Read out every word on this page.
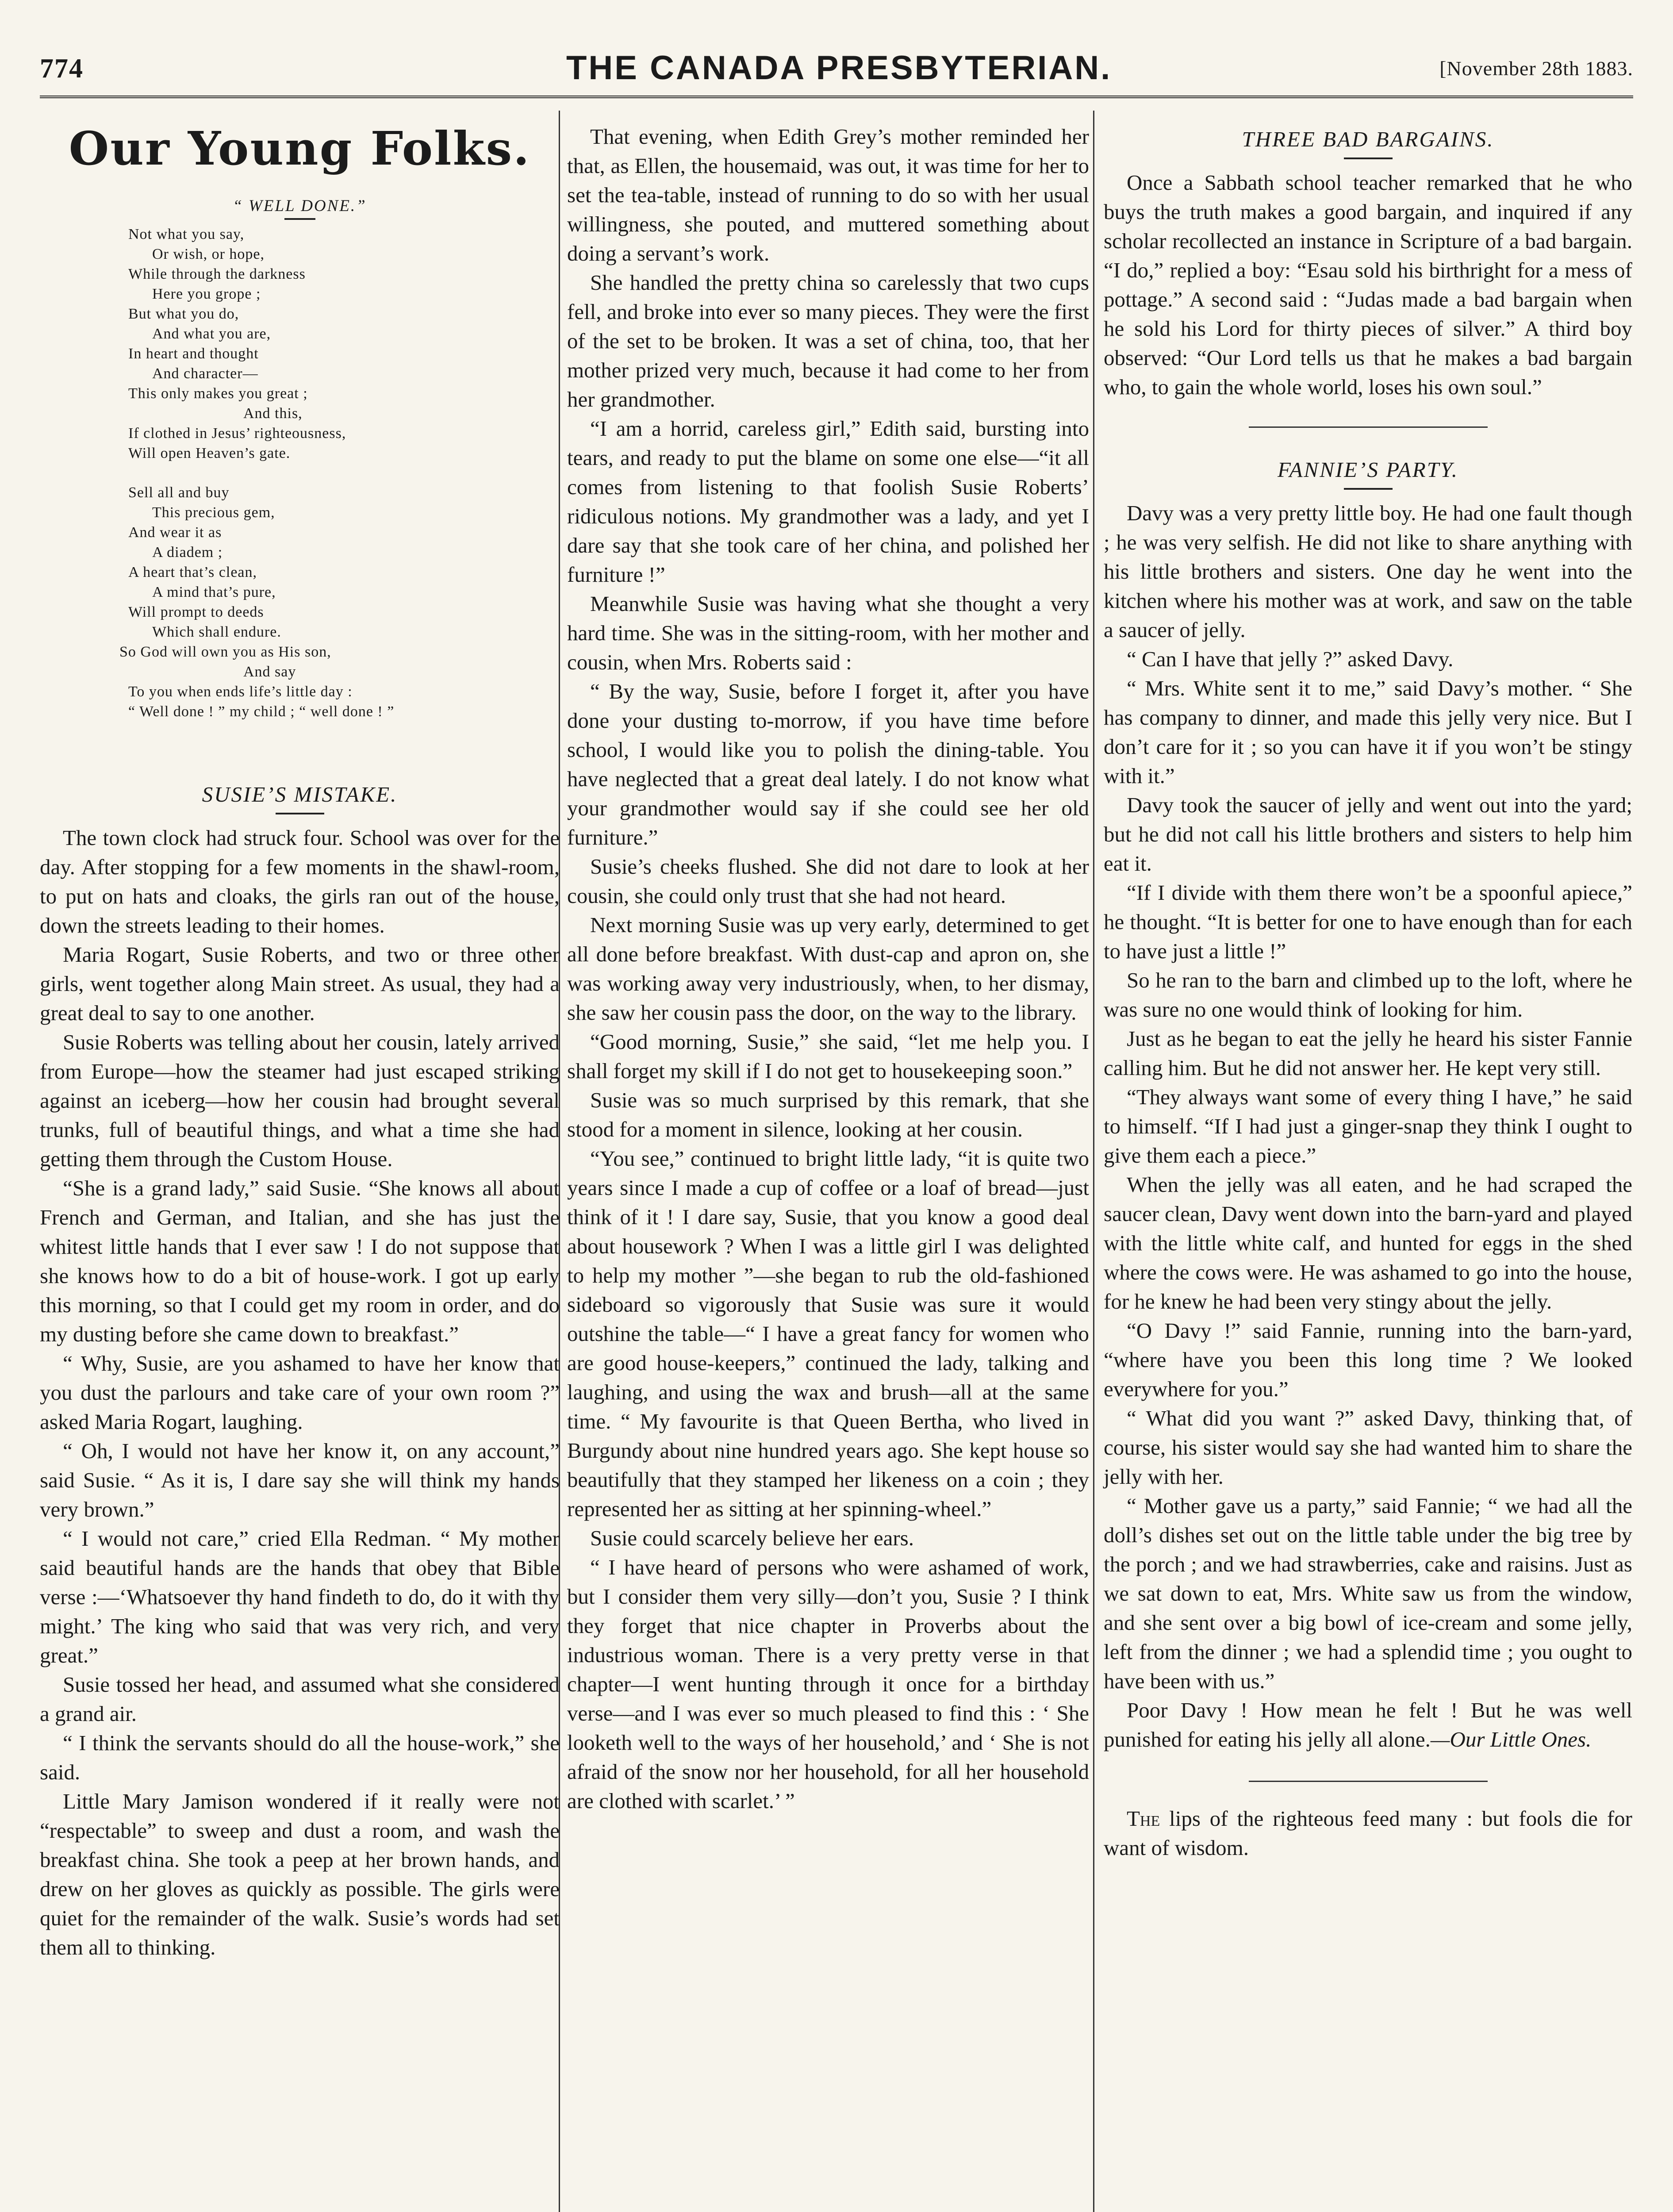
774	THE CANADA PRESBYTERIAN.	[November 28th 1883.
Our Young Folks.
“ WELL DONE.”
Not what you say,
Or wish, or hope,
While through the darkness
Here you grope ;
But what you do,
And what you are,
In heart and thought
And character—
This only makes you great ;
And this,
If clothed in Jesus’ righteousness,
Will open Heaven’s gate.
Sell all and buy
This precious gem,
And wear it as
A diadem ;
A heart that’s clean,
A mind that’s pure,
Will prompt to deeds
Which shall endure.
So God will own you as His son,
And say
To you when ends life’s little day :
“ Well done ! ” my child ; “ well done ! ”
SUSIE’S MISTAKE.

The town clock had struck four. School was over for the day. After stopping for a few moments in the shawl-room, to put on hats and cloaks, the girls ran out of the house, down the streets leading to their homes.

Maria Rogart, Susie Roberts, and two or three other girls, went together along Main street. As usual, they had a great deal to say to one another.

Susie Roberts was telling about her cousin, lately arrived from Europe—how the steamer had just escaped striking against an iceberg—how her cousin had brought several trunks, full of beautiful things, and what a time she had getting them through the Custom House.

“She is a grand lady,” said Susie. “She knows all about French and German, and Italian, and she has just the whitest little hands that I ever saw ! I do not suppose that she knows how to do a bit of house-work. I got up early this morning, so that I could get my room in order, and do my dusting before she came down to breakfast.”

“ Why, Susie, are you ashamed to have her know that you dust the parlours and take care of your own room ?” asked Maria Rogart, laughing.

“ Oh, I would not have her know it, on any account,” said Susie. “ As it is, I dare say she will think my hands very brown.”

“ I would not care,” cried Ella Redman. “ My mother said beautiful hands are the hands that obey that Bible verse :—‘Whatsoever thy hand findeth to do, do it with thy might.’ The king who said that was very rich, and very great.”

Susie tossed her head, and assumed what she considered a grand air.

“ I think the servants should do all the house-work,” she said.

Little Mary Jamison wondered if it really were not “respectable” to sweep and dust a room, and wash the breakfast china. She took a peep at her brown hands, and drew on her gloves as quickly as possible. The girls were quiet for the remainder of the walk. Susie’s words had set them all to thinking.

That evening, when Edith Grey’s mother reminded her that, as Ellen, the housemaid, was out, it was time for her to set the tea-table, instead of running to do so with her usual willingness, she pouted, and muttered something about doing a servant’s work.

She handled the pretty china so carelessly that two cups fell, and broke into ever so many pieces. They were the first of the set to be broken. It was a set of china, too, that her mother prized very much, because it had come to her from her grandmother.

“I am a horrid, careless girl,” Edith said, bursting into tears, and ready to put the blame on some one else—“it all comes from listening to that foolish Susie Roberts’ ridiculous notions. My grandmother was a lady, and yet I dare say that she took care of her china, and polished her furniture !”

Meanwhile Susie was having what she thought a very hard time. She was in the sitting-room, with her mother and cousin, when Mrs. Roberts said :

“ By the way, Susie, before I forget it, after you have done your dusting to-morrow, if you have time before school, I would like you to polish the dining-table. You have neglected that a great deal lately. I do not know what your grandmother would say if she could see her old furniture.”

Susie’s cheeks flushed. She did not dare to look at her cousin, she could only trust that she had not heard.

Next morning Susie was up very early, determined to get all done before breakfast. With dust-cap and apron on, she was working away very industriously, when, to her dismay, she saw her cousin pass the door, on the way to the library.

“Good morning, Susie,” she said, “let me help you. I shall forget my skill if I do not get to housekeeping soon.”

Susie was so much surprised by this remark, that she stood for a moment in silence, looking at her cousin.

“You see,” continued to bright little lady, “it is quite two years since I made a cup of coffee or a loaf of bread—just think of it ! I dare say, Susie, that you know a good deal about housework ? When I was a little girl I was delighted to help my mother ”—she began to rub the old-fashioned sideboard so vigorously that Susie was sure it would outshine the table—“ I have a great fancy for women who are good house-keepers,” continued the lady, talking and laughing, and using the wax and brush—all at the same time. “ My favourite is that Queen Bertha, who lived in Burgundy about nine hundred years ago. She kept house so beautifully that they stamped her likeness on a coin ; they represented her as sitting at her spinning-wheel.”

Susie could scarcely believe her ears.

“ I have heard of persons who were ashamed of work, but I consider them very silly—don’t you, Susie ? I think they forget that nice chapter in Proverbs about the industrious woman. There is a very pretty verse in that chapter—I went hunting through it once for a birthday verse—and I was ever so much pleased to find this : ‘ She looketh well to the ways of her household,’ and ‘ She is not afraid of the snow nor her household, for all her household are clothed with scarlet.’ ”

THREE BAD BARGAINS.

Once a Sabbath school teacher remarked that he who buys the truth makes a good bargain, and inquired if any scholar recollected an instance in Scripture of a bad bargain. “I do,” replied a boy: “Esau sold his birthright for a mess of pottage.” A second said : “Judas made a bad bargain when he sold his Lord for thirty pieces of silver.” A third boy observed: “Our Lord tells us that he makes a bad bargain who, to gain the whole world, loses his own soul.”

FANNIE’S PARTY.

Davy was a very pretty little boy. He had one fault though ; he was very selfish. He did not like to share anything with his little brothers and sisters. One day he went into the kitchen where his mother was at work, and saw on the table a saucer of jelly.

“ Can I have that jelly ?” asked Davy.

“ Mrs. White sent it to me,” said Davy’s mother. “ She has company to dinner, and made this jelly very nice. But I don’t care for it ; so you can have it if you won’t be stingy with it.”

Davy took the saucer of jelly and went out into the yard; but he did not call his little brothers and sisters to help him eat it.

“If I divide with them there won’t be a spoonful apiece,” he thought. “It is better for one to have enough than for each to have just a little !”

So he ran to the barn and climbed up to the loft, where he was sure no one would think of looking for him.

Just as he began to eat the jelly he heard his sister Fannie calling him. But he did not answer her. He kept very still.

“They always want some of every thing I have,” he said to himself. “If I had just a ginger-snap they think I ought to give them each a piece.”

When the jelly was all eaten, and he had scraped the saucer clean, Davy went down into the barn-yard and played with the little white calf, and hunted for eggs in the shed where the cows were. He was ashamed to go into the house, for he knew he had been very stingy about the jelly.

“O Davy !” said Fannie, running into the barn-yard, “where have you been this long time ? We looked everywhere for you.”

“ What did you want ?” asked Davy, thinking that, of course, his sister would say she had wanted him to share the jelly with her.

“ Mother gave us a party,” said Fannie; “ we had all the doll’s dishes set out on the little table under the big tree by the porch ; and we had strawberries, cake and raisins. Just as we sat down to eat, Mrs. White saw us from the window, and she sent over a big bowl of ice-cream and some jelly, left from the dinner ; we had a splendid time ; you ought to have been with us.”

Poor Davy ! How mean he felt ! But he was well punished for eating his jelly all alone.—Our Little Ones.

The lips of the righteous feed many : but fools die for want of wisdom.
